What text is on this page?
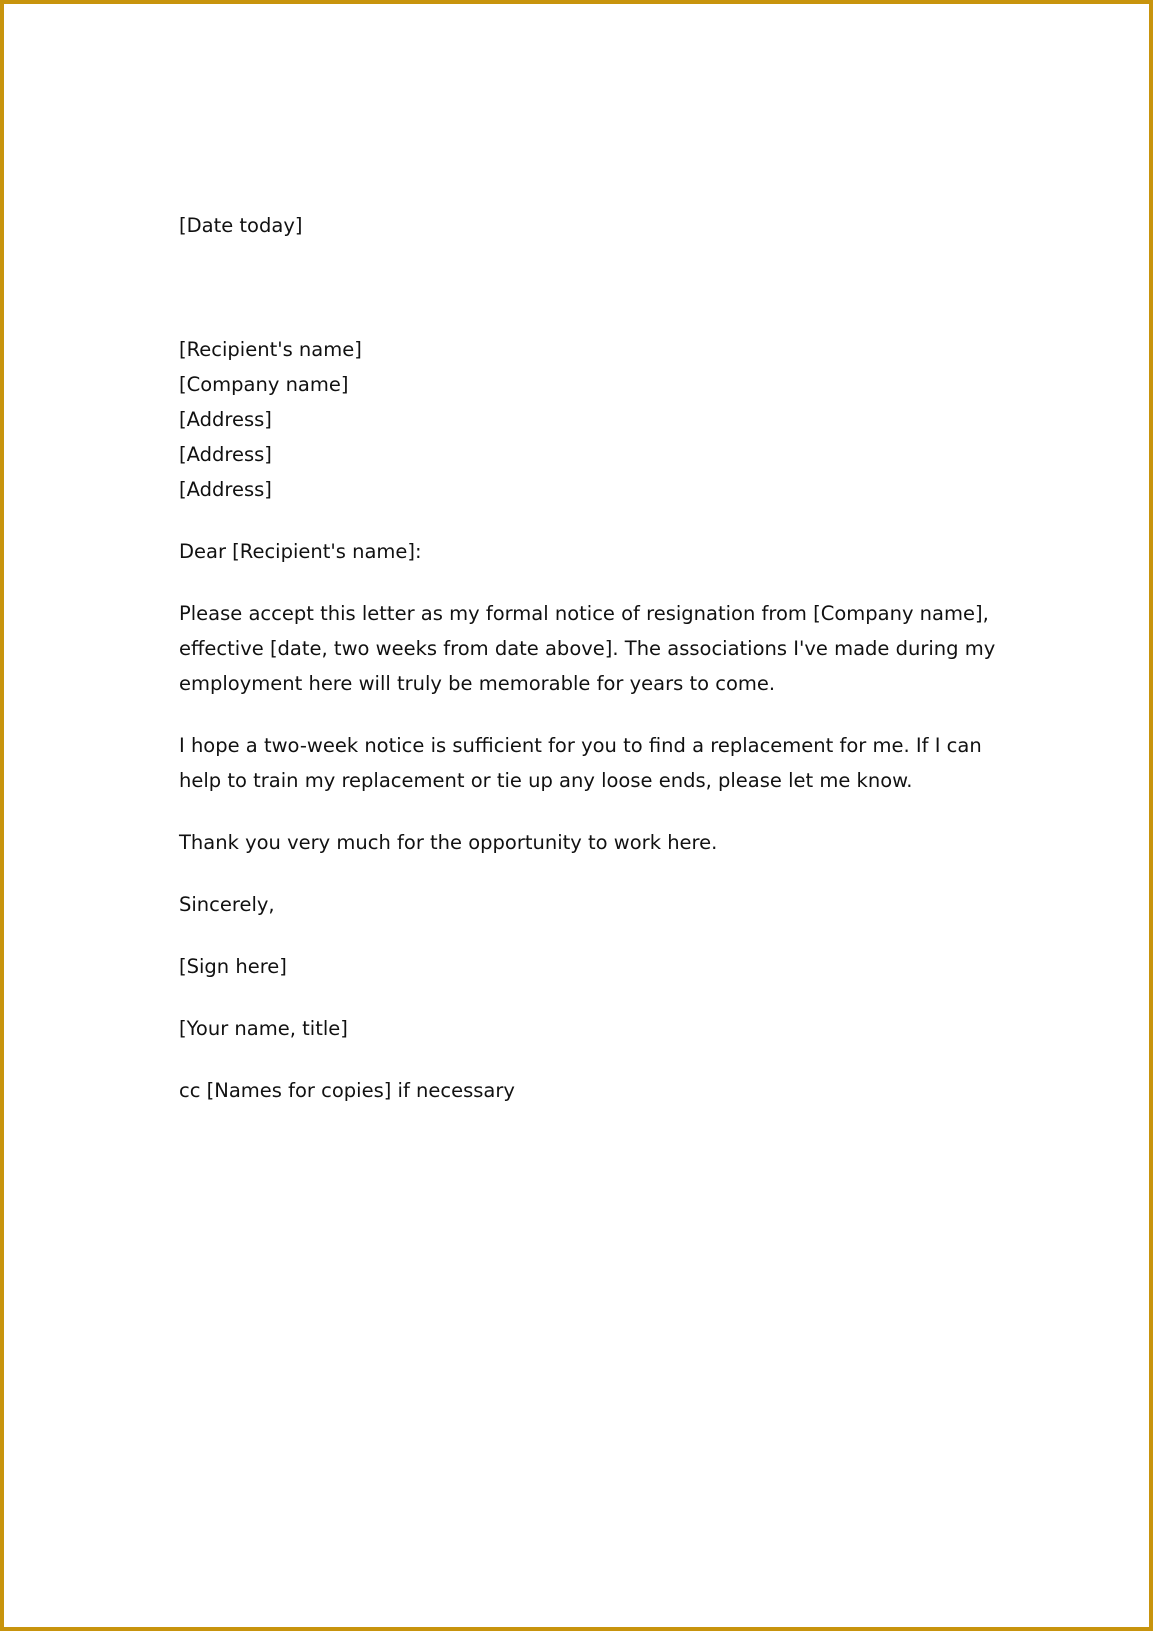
[Date today]

[Recipient's name]
[Company name]
[Address]
[Address]
[Address]

Dear [Recipient's name]:

Please accept this letter as my formal notice of resignation from [Company name],
effective [date, two weeks from date above]. The associations I've made during my
employment here will truly be memorable for years to come.
I hope a two-week notice is sufficient for you to find a replacement for me. If I can
help to train my replacement or tie up any loose ends, please let me know.

Thank you very much for the opportunity to work here.

Sincerely,

[Sign here]

[Your name, title]

cc [Names for copies] if necessary
